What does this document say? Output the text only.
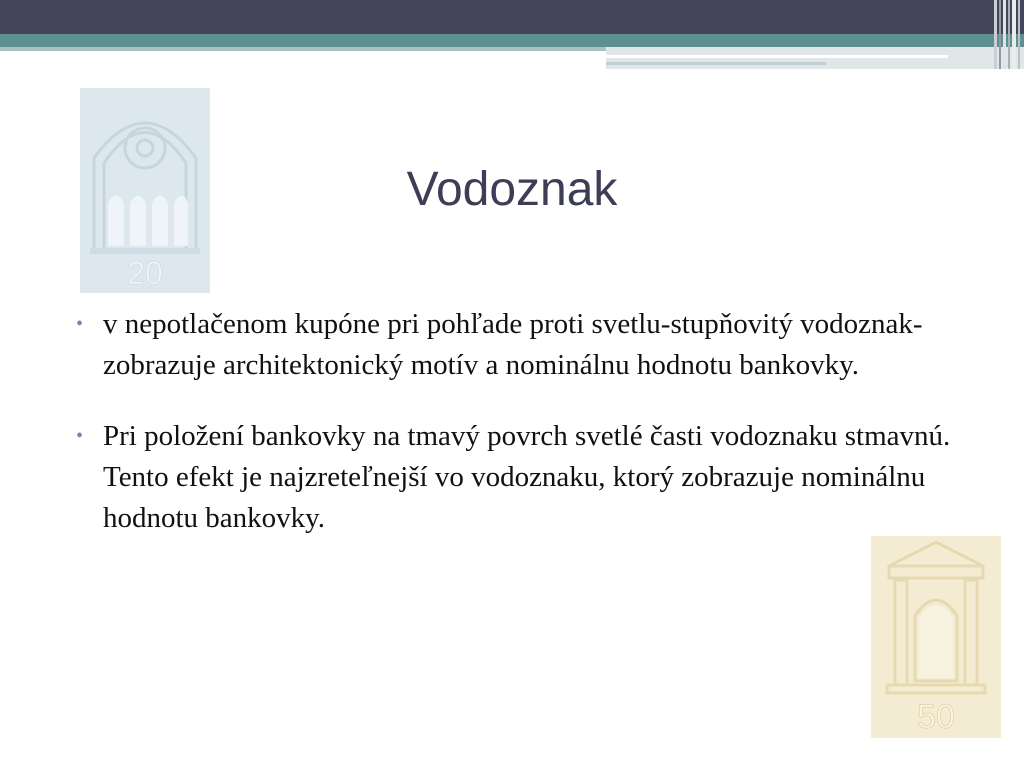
20
Vodoznak
• v nepotlačenom kupóne pri pohľade proti svetlu-stupňovitý vodoznak-zobrazuje architektonický motív a nominálnu hodnotu bankovky.
• Pri položení bankovky na tmavý povrch svetlé časti vodoznaku stmavnú. Tento efekt je najzreteľnejší vo vodoznaku, ktorý zobrazuje nominálnu hodnotu bankovky.
50
